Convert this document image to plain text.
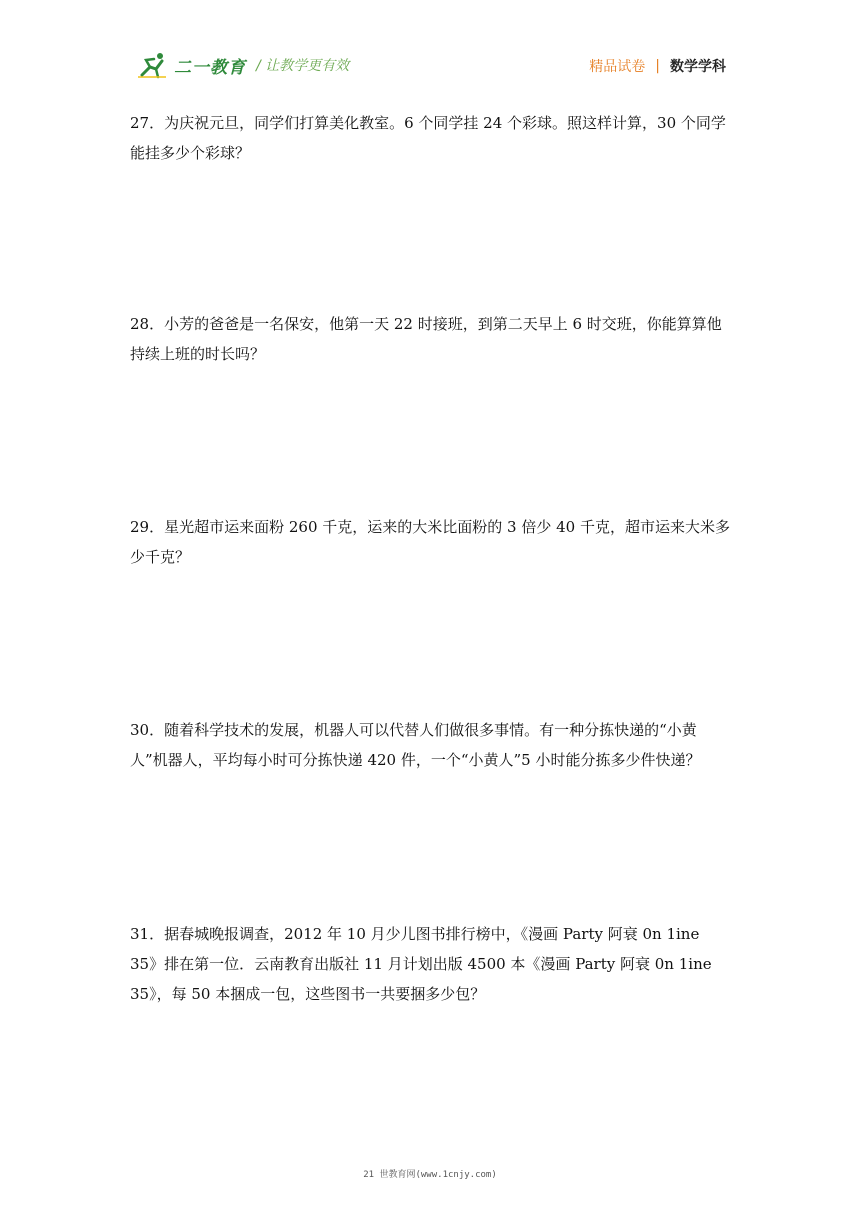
二一教育 / 让教学更有效	精品试卷 | 数学学科
27．为庆祝元旦，同学们打算美化教室。6 个同学挂 24 个彩球。照这样计算，30 个同学能挂多少个彩球？
28．小芳的爸爸是一名保安，他第一天 22 时接班，到第二天早上 6 时交班，你能算算他持续上班的时长吗？
29．星光超市运来面粉 260 千克，运来的大米比面粉的 3 倍少 40 千克，超市运来大米多少千克？
30．随着科学技术的发展，机器人可以代替人们做很多事情。有一种分拣快递的“小黄人”机器人，平均每小时可分拣快递 420 件，一个“小黄人”5 小时能分拣多少件快递？
31．据春城晚报调查，2012 年 10 月少儿图书排行榜中，《漫画 Party 阿衰 0n 1ine 35》排在第一位．云南教育出版社 11 月计划出版 4500 本《漫画 Party 阿衰 0n 1ine 35》，每 50 本捆成一包，这些图书一共要捆多少包？
21 世教育网(www.1cnjy.com)
